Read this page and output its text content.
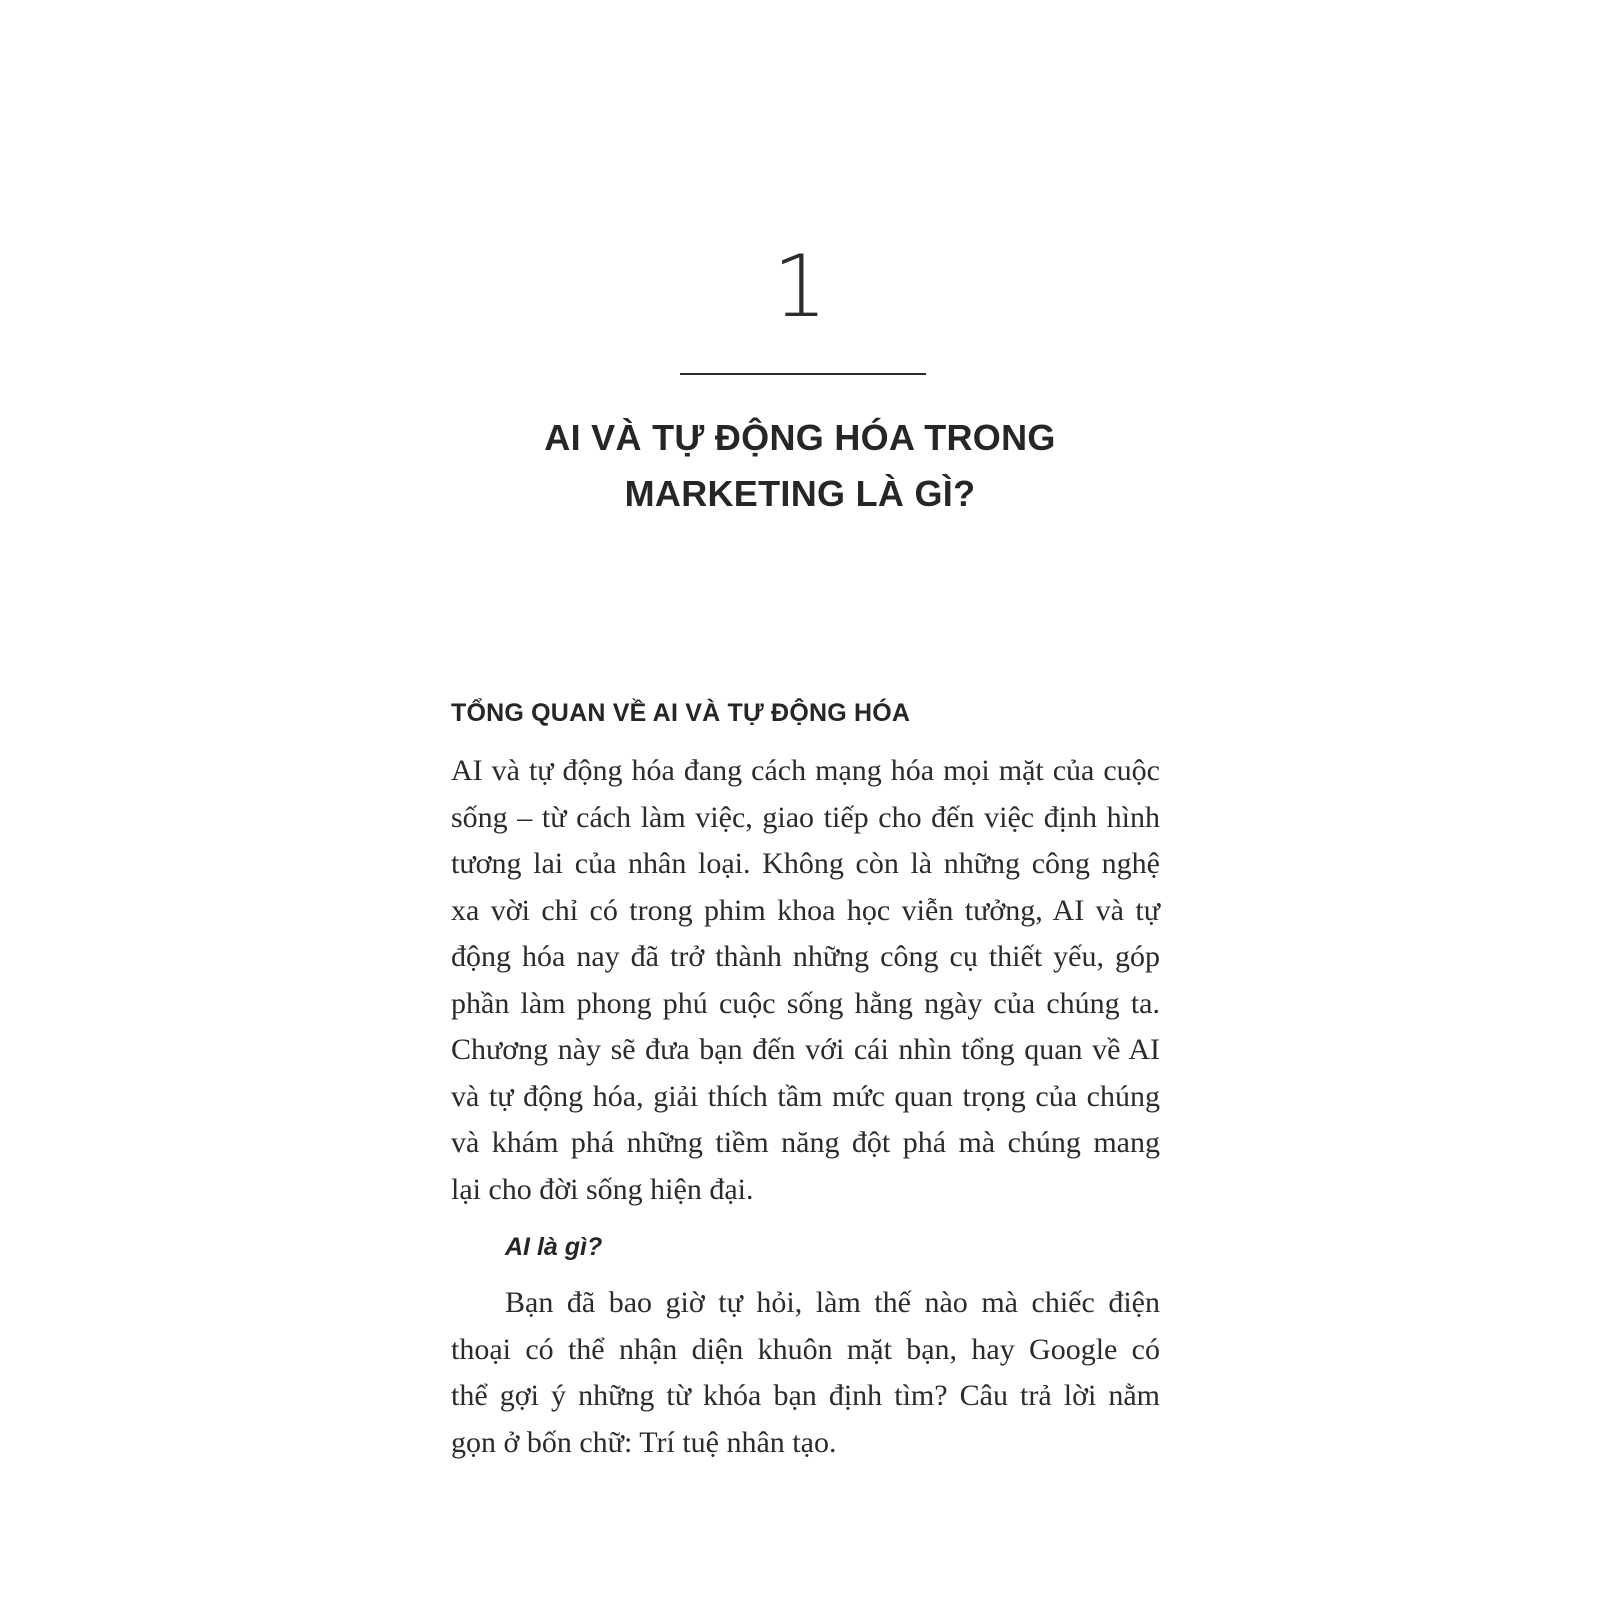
1
AI VÀ TỰ ĐỘNG HÓA TRONG
MARKETING LÀ GÌ?
TỔNG QUAN VỀ AI VÀ TỰ ĐỘNG HÓA
AI và tự động hóa đang cách mạng hóa mọi mặt của cuộc
sống – từ cách làm việc, giao tiếp cho đến việc định hình
tương lai của nhân loại. Không còn là những công nghệ
xa vời chỉ có trong phim khoa học viễn tưởng, AI và tự
động hóa nay đã trở thành những công cụ thiết yếu, góp
phần làm phong phú cuộc sống hằng ngày của chúng ta.
Chương này sẽ đưa bạn đến với cái nhìn tổng quan về AI
và tự động hóa, giải thích tầm mức quan trọng của chúng
và khám phá những tiềm năng đột phá mà chúng mang
lại cho đời sống hiện đại.
AI là gì?
Bạn đã bao giờ tự hỏi, làm thế nào mà chiếc điện
thoại có thể nhận diện khuôn mặt bạn, hay Google có
thể gợi ý những từ khóa bạn định tìm? Câu trả lời nằm
gọn ở bốn chữ: Trí tuệ nhân tạo.
